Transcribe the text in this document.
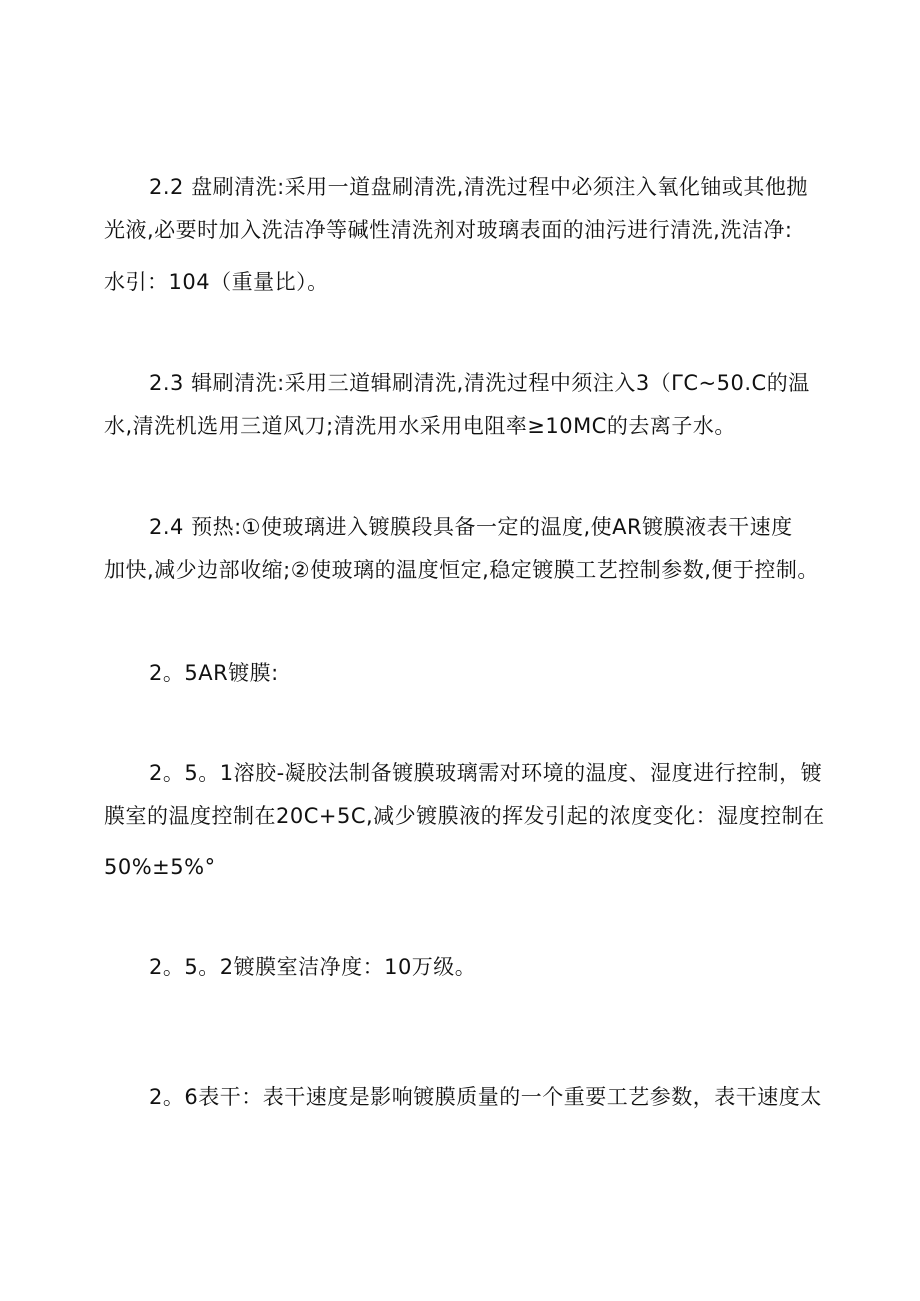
2.2 盘刷清洗:采用一道盘刷清洗,清洗过程中必须注入氧化铀或其他抛
光液,必要时加入洗洁净等碱性清洗剂对玻璃表面的油污进行清洗,洗洁净:
水引：104（重量比）。
2.3 辑刷清洗:采用三道辑刷清洗,清洗过程中须注入3（ΓC~50.C的温
水,清洗机选用三道风刀;清洗用水采用电阻率≥10MC的去离子水。
2.4 预热:①使玻璃进入镀膜段具备一定的温度,使AR镀膜液表干速度
加快,减少边部收缩;②使玻璃的温度恒定,稳定镀膜工艺控制参数,便于控制。
2。5AR镀膜:
2。5。1溶胶-凝胶法制备镀膜玻璃需对环境的温度、湿度进行控制，镀
膜室的温度控制在20C+5C,减少镀膜液的挥发引起的浓度变化：湿度控制在
50%±5%°
2。5。2镀膜室洁净度：10万级。
2。6表干：表干速度是影响镀膜质量的一个重要工艺参数，表干速度太
